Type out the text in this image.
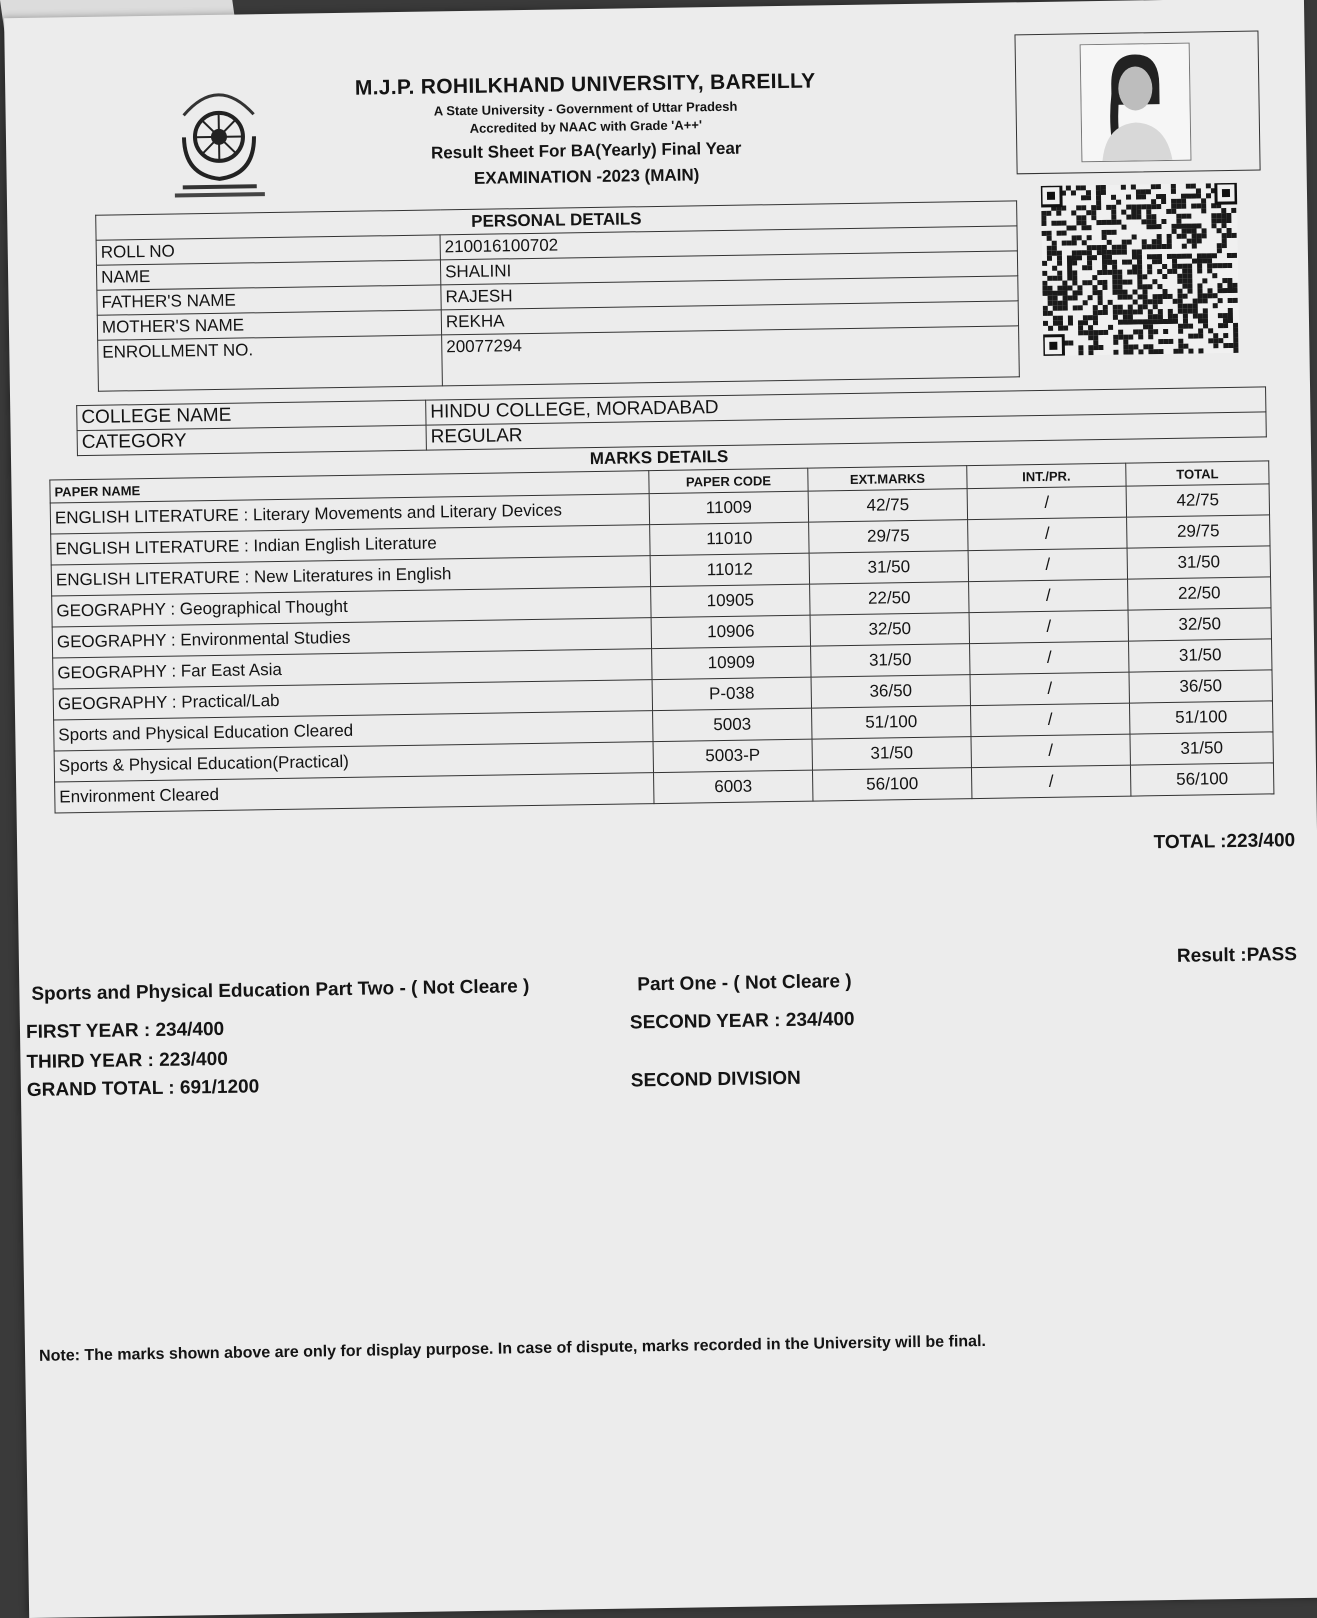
M.J.P. ROHILKHAND UNIVERSITY, BAREILLY
A State University - Government of Uttar Pradesh
Accredited by NAAC with Grade 'A++'
Result Sheet For BA(Yearly) Final Year
EXAMINATION -2023 (MAIN)
PERSONAL DETAILS	
ROLL NO	210016100702
NAME	SHALINI
FATHER'S NAME	RAJESH
MOTHER'S NAME	REKHA
ENROLLMENT NO.	20077294
COLLEGE NAME	HINDU COLLEGE, MORADABAD
CATEGORY	REGULAR
MARKS DETAILS				
PAPER NAME	PAPER CODE	EXT.MARKS	INT./PR.	TOTAL
ENGLISH LITERATURE : Literary Movements and Literary Devices	11009	42/75	/	42/75
ENGLISH LITERATURE : Indian English Literature	11010	29/75	/	29/75
ENGLISH LITERATURE : New Literatures in English	11012	31/50	/	31/50
GEOGRAPHY : Geographical Thought	10905	22/50	/	22/50
GEOGRAPHY : Environmental Studies	10906	32/50	/	32/50
GEOGRAPHY : Far East Asia	10909	31/50	/	31/50
GEOGRAPHY : Practical/Lab	P-038	36/50	/	36/50
Sports and Physical Education Cleared	5003	51/100	/	51/100
Sports & Physical Education(Practical)	5003-P	31/50	/	31/50
Environment Cleared	6003	56/100	/	56/100
TOTAL :223/400
Result :PASS
Sports and Physical Education Part Two - ( Not Cleare )	Part One - ( Not Cleare )
FIRST YEAR : 234/400	SECOND YEAR : 234/400
THIRD YEAR : 223/400
GRAND TOTAL : 691/1200	SECOND DIVISION
Note: The marks shown above are only for display purpose. In case of dispute, marks recorded in the University will be final.
